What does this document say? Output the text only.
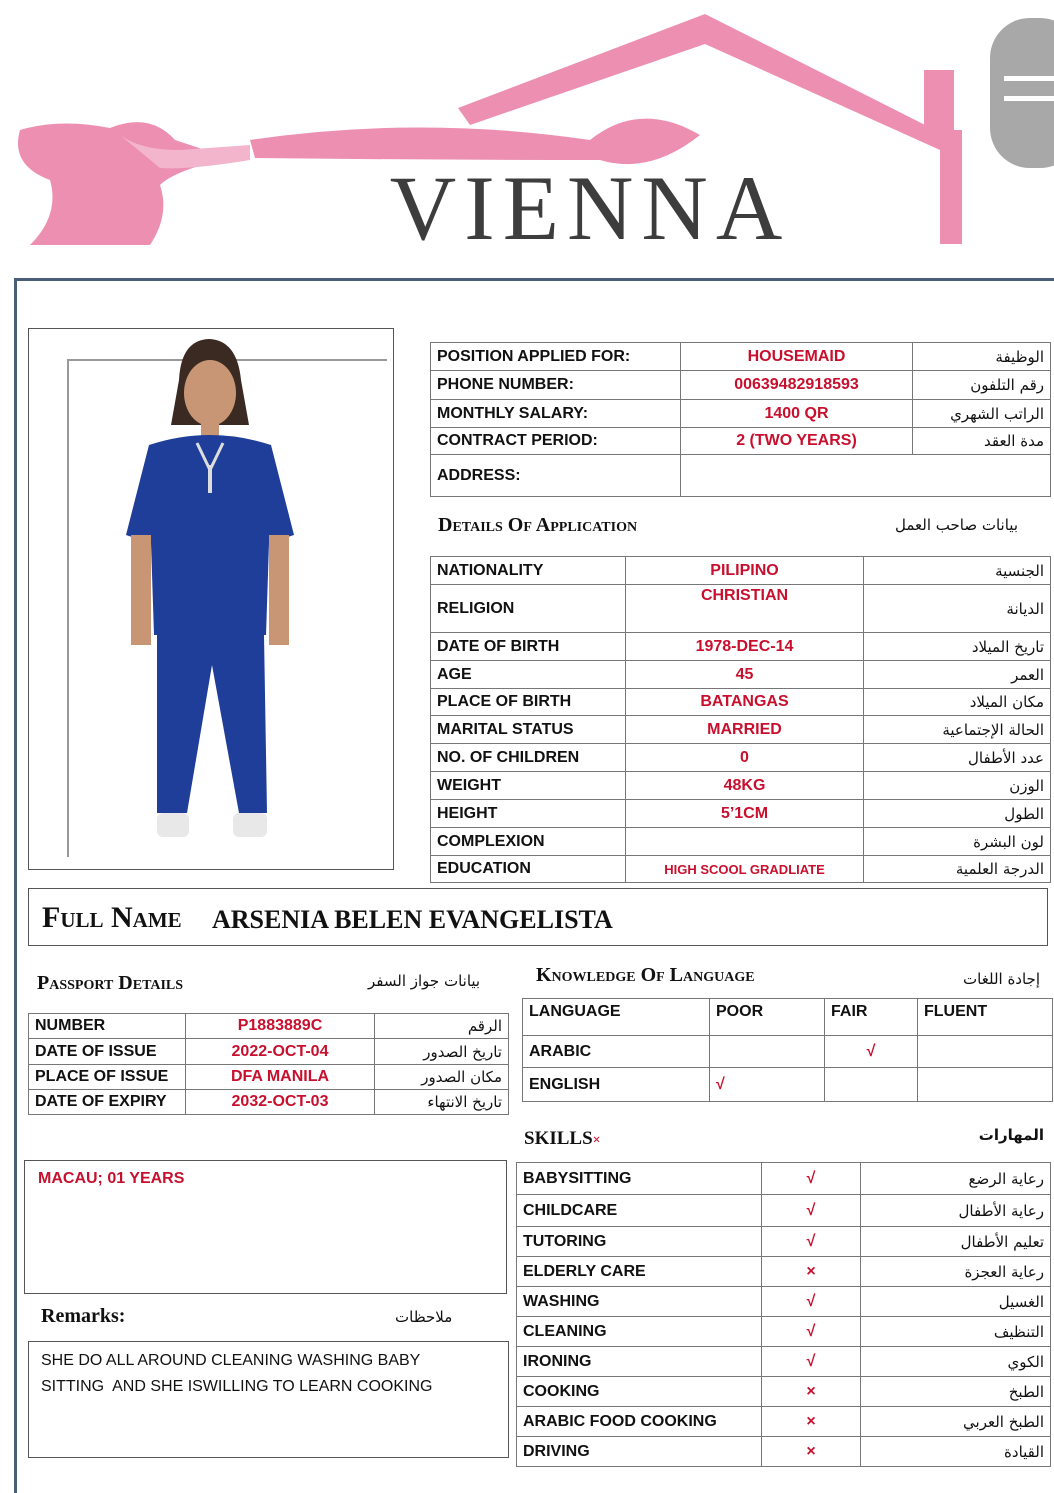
VIENNA
POSITION APPLIED FOR:	HOUSEMAID	الوظيفة
PHONE NUMBER:	00639482918593	رقم التلفون
MONTHLY SALARY:	1400 QR	الراتب الشهري
CONTRACT PERIOD:	2 (TWO YEARS)	مدة العقد
ADDRESS:		
Details Of Application	بيانات صاحب العمل
NATIONALITY	PILIPINO	الجنسية
RELIGION	CHRISTIAN	الديانة
DATE OF BIRTH	1978-DEC-14	تاريخ الميلاد
AGE	45	العمر
PLACE OF BIRTH	BATANGAS	مكان الميلاد
MARITAL STATUS	MARRIED	الحالة الإجتماعية
NO. OF CHILDREN	0	عدد الأطفال
WEIGHT	48KG	الوزن
HEIGHT	5’1CM	الطول
COMPLEXION		لون البشرة
EDUCATION	HIGH SCOOL GRADLIATE	الدرجة العلمية
Full Name ARSENIA BELEN EVANGELISTA
Passport Details	بيانات جواز السفر
NUMBER	P1883889C	الرقم
DATE OF ISSUE	2022-OCT-04	تاريخ الصدور
PLACE OF ISSUE	DFA MANILA	مكان الصدور
DATE OF EXPIRY	2032-OCT-03	تاريخ الانتهاء
Knowledge Of Language	إجادة اللغات
LANGUAGE	POOR	FAIR	FLUENT
ARABIC		√	
ENGLISH	√		
MACAU; 01 YEARS
Remarks:	ملاحظات
SHE DO ALL AROUND CLEANING WASHING BABY
SITTING  AND SHE ISWILLING TO LEARN COOKING
SKILLS×	المهارات
BABYSITTING	√	رعاية الرضع
CHILDCARE	√	رعاية الأطفال
TUTORING	√	تعليم الأطفال
ELDERLY CARE	×	رعاية العجزة
WASHING	√	الغسيل
CLEANING	√	التنظيف
IRONING	√	الكوي
COOKING	×	الطبخ
ARABIC FOOD COOKING	×	الطبخ العربي
DRIVING	×	القيادة
